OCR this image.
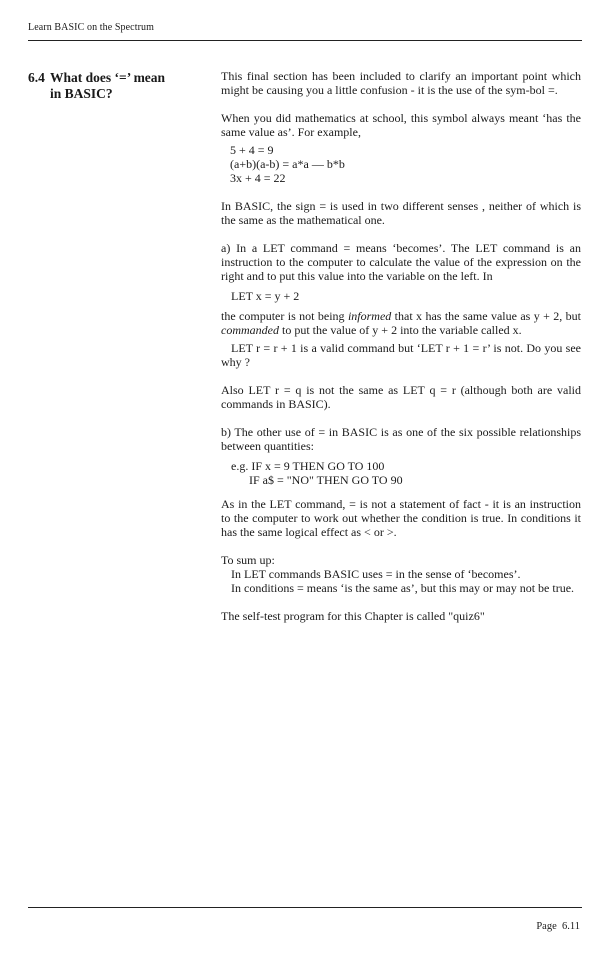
Learn BASIC on the Spectrum
6.4 What does ‘=’ mean
in BASIC?

This final section has been included to clarify an important point which might be causing you a little confusion - it is the use of the sym-bol =.

When you did mathematics at school, this symbol always meant ‘has the same value as’. For example,

5 + 4 = 9
(a+b)(a-b) = a*a — b*b
3x + 4 = 22

In BASIC, the sign = is used in two different senses , neither of which is the same as the mathematical one.

a) In a LET command = means ‘becomes’. The LET command is an instruction to the computer to calculate the value of the expression on the right and to put this value into the variable on the left. In

LET x = y + 2

the computer is not being informed that x has the same value as y + 2, but commanded to put the value of y + 2 into the variable called x.

LET r = r + 1 is a valid command but ‘LET r + 1 = r’ is not. Do you see why ?

Also LET r = q is not the same as LET q = r (although both are valid commands in BASIC).

b) The other use of = in BASIC is as one of the six possible relationships between quantities:

e.g. IF x = 9 THEN GO TO 100
IF a$ = "NO" THEN GO TO 90

As in the LET command, = is not a statement of fact - it is an instruction to the computer to work out whether the condition is true. In conditions it has the same logical effect as < or >.

To sum up:
In LET commands BASIC uses = in the sense of ‘becomes’.
In conditions = means ‘is the same as’, but this may or may not be true.

The self-test program for this Chapter is called "quiz6"

Page 6.11
